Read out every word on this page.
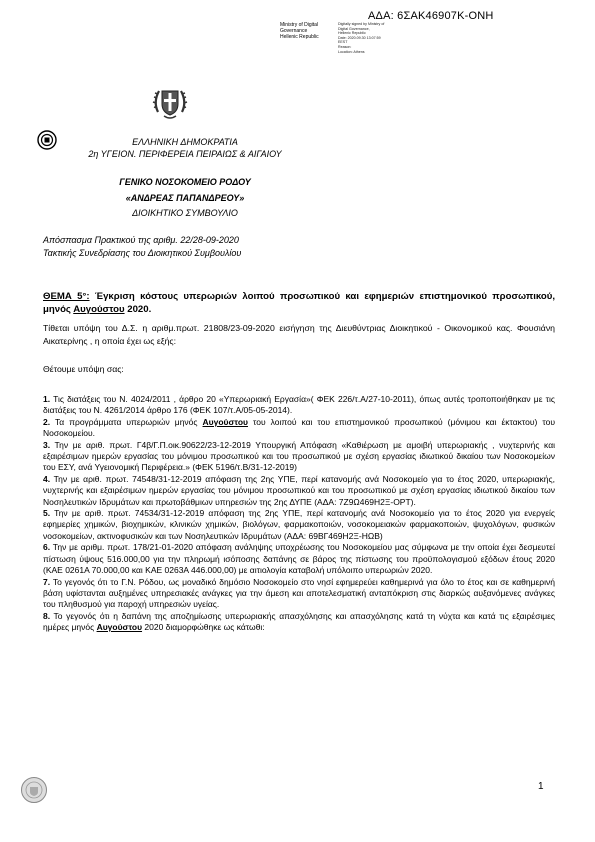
ΑΔΑ: 6ΣΑΚ46907Κ-ΟΝΗ
Ministry of Digital
Governance
Hellenic Republic
Digitally signed by Ministry of
Digital Governance,
Hellenic Republic
Date: 2020.09.30 13:07:59
EEST
Reason:
Location: Athens
ΕΛΛΗΝΙΚΗ ΔΗΜΟΚΡΑΤΙΑ
2η ΥΓΕΙΟΝ. ΠΕΡΙΦΕΡΕΙΑ ΠΕΙΡΑΙΩΣ & ΑΙΓΑΙΟΥ
ΓΕΝΙΚΟ ΝΟΣΟΚΟΜΕΙΟ ΡΟΔΟΥ
«ΑΝΔΡΕΑΣ ΠΑΠΑΝΔΡΕΟΥ»
ΔΙΟΙΚΗΤΙΚΟ ΣΥΜΒΟΥΛΙΟ
Απόσπασμα Πρακτικού της αριθμ. 22/28-09-2020
Τακτικής Συνεδρίασης του Διοικητικού Συμβουλίου
ΘΕΜΑ 5°: Έγκριση κόστους υπερωριών λοιπού προσωπικού και εφημεριών επιστημονικού προσωπικού, μηνός Αυγούστου 2020.
Τίθεται υπόψη του Δ.Σ. η αριθμ.πρωτ. 21808/23-09-2020 εισήγηση της Διευθύντριας Διοικητικού - Οικονομικού κας. Φουσιάνη Αικατερίνης , η οποία έχει ως εξής:
Θέτουμε υπόψη σας:

1. Τις διατάξεις του Ν. 4024/2011 , άρθρο 20 «Υπερωριακή Εργασία»( ΦΕΚ 226/τ.Α/27-10-2011), όπως αυτές τροποποιήθηκαν με τις διατάξεις του Ν. 4261/2014 άρθρο 176 (ΦΕΚ 107/τ.Α/05-05-2014).

2. Τα προγράμματα υπερωριών μηνός Αυγούστου του λοιπού και του επιστημονικού προσωπικού (μόνιμου και έκτακτου) του Νοσοκομείου.

3. Την με αριθ. πρωτ. Γ4β/Γ.Π.οικ.90622/23-12-2019 Υπουργική Απόφαση «Καθιέρωση με αμοιβή υπερωριακής , νυχτερινής και εξαιρέσιμων ημερών εργασίας του μόνιμου προσωπικού και του προσωπικού με σχέση εργασίας ιδιωτικού δικαίου των Νοσοκομείων του ΕΣΥ, ανά Υγειονομική Περιφέρεια.» (ΦΕΚ 5196/τ.Β/31-12-2019)

4. Την με αριθ. πρωτ. 74548/31-12-2019 απόφαση της 2ης ΥΠΕ, περί κατανομής ανά Νοσοκομείο για το έτος 2020, υπερωριακής, νυχτερινής και εξαιρέσιμων ημερών εργασίας του μόνιμου προσωπικού και του προσωπικού με σχέση εργασίας ιδιωτικού δικαίου των Νοσηλευτικών Ιδρυμάτων και πρωτοβάθμιων υπηρεσιών της 2ης ΔΥΠΕ (ΑΔΑ: 7Ζ9Ω469Η2Ξ-ΟΡΤ).

5. Την με αριθ. πρωτ. 74534/31-12-2019 απόφαση της 2ης ΥΠΕ, περί κατανομής ανά Νοσοκομείο για το έτος 2020 για ενεργείς εφημερίες χημικών, βιοχημικών, κλινικών χημικών, βιολόγων, φαρμακοποιών, νοσοκομειακών φαρμακοποιών, ψυχολόγων, φυσικών νοσοκομείων, ακτινοφυσικών και των Νοσηλευτικών Ιδρυμάτων (ΑΔΑ: 69ΒΓ469Η2Ξ-ΗΩΒ)

6. Την με αριθμ. πρωτ. 178/21-01-2020 απόφαση ανάληψης υποχρέωσης του Νοσοκομείου μας σύμφωνα με την οποία έχει δεσμευτεί πίστωση ύψους 516.000,00 για την πληρωμή ισόποσης δαπάνης σε βάρος της πίστωσης του προϋπολογισμού εξόδων έτους 2020 (ΚΑΕ 0261Α 70.000,00 και ΚΑΕ 0263Α 446.000,00) με αιτιολογία καταβολή υπόλοιπο υπερωριών 2020.

7. Το γεγονός ότι το Γ.Ν. Ρόδου, ως μοναδικό δημόσιο Νοσοκομείο στο νησί εφημερεύει καθημερινά για όλο το έτος και σε καθημερινή βάση υφίστανται αυξημένες υπηρεσιακές ανάγκες για την άμεση και αποτελεσματική ανταπόκριση στις διαρκώς αυξανόμενες ανάγκες του πληθυσμού για παροχή υπηρεσιών υγείας.

8. Το γεγονός ότι η δαπάνη της αποζημίωσης υπερωριακής απασχόλησης και απασχόλησης κατά τη νύχτα και κατά τις εξαιρέσιμες ημέρες μηνός Αυγούστου 2020 διαμορφώθηκε ως κάτωθι:

1
